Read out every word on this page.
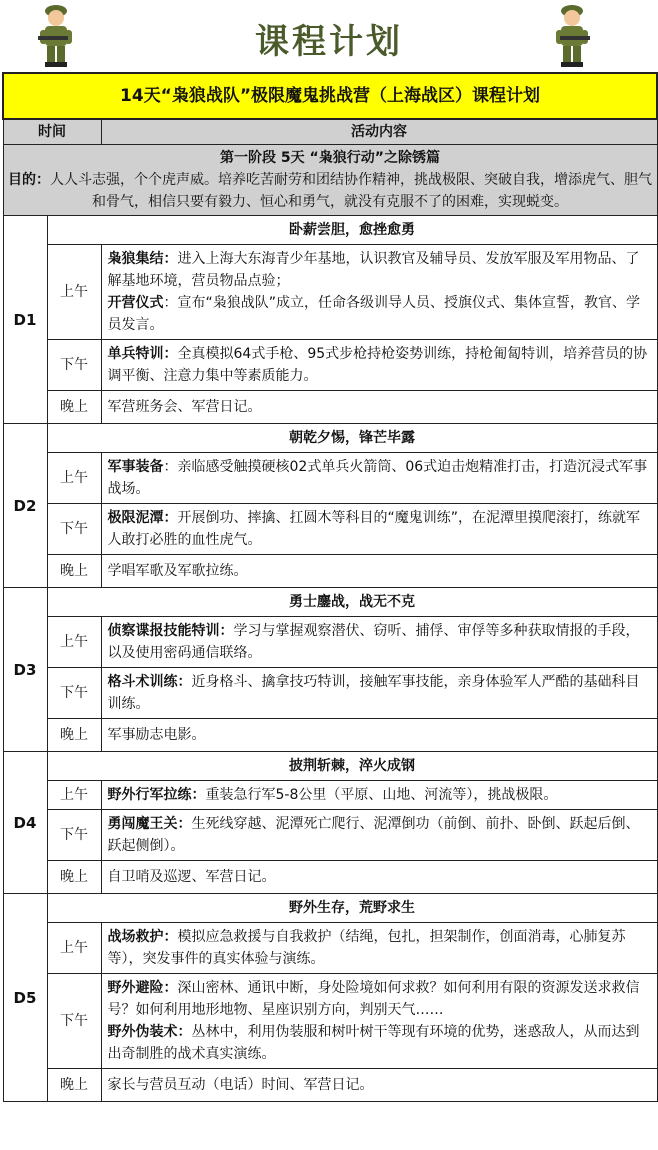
课程计划
14天“枭狼战队”极限魔鬼挑战营（上海战区）课程计划		
时间		活动内容

第一阶段 5天 “枭狼行动”之除锈篇
目的：人人斗志强，个个虎声威。培养吃苦耐劳和团结协作精神，挑战极限、突破自我，增添虎气、胆气和骨气，相信只要有毅力、恒心和勇气，就没有克服不了的困难，实现蜕变。		

D1	卧薪尝胆，愈挫愈勇	
	上午	枭狼集结：进入上海大东海青少年基地，认识教官及辅导员、发放军服及军用物品、了解基地环境，营员物品点验；

开营仪式：宣布“枭狼战队”成立，任命各级训导人员、授旗仪式、集体宣誓，教官、学员发言。

	下午	单兵特训：全真模拟64式手枪、95式步枪持枪姿势训练，持枪匍匐特训，培养营员的协调平衡、注意力集中等素质能力。

	晚上	军营班务会、军营日记。
D2	朝乾夕惕，锋芒毕露	
	上午	军事装备：亲临感受触摸硬核02式单兵火箭筒、06式迫击炮精准打击，打造沉浸式军事战场。

	下午	极限泥潭：开展倒功、摔擒、扛圆木等科目的“魔鬼训练”，在泥潭里摸爬滚打，练就军人敢打必胜的血性虎气。

	晚上	学唱军歌及军歌拉练。
D3	勇士鏖战，战无不克	
	上午	侦察谍报技能特训：学习与掌握观察潜伏、窃听、捕俘、审俘等多种获取情报的手段，以及使用密码通信联络。

	下午	格斗术训练：近身格斗、擒拿技巧特训，接触军事技能，亲身体验军人严酷的基础科目训练。

	晚上	军事励志电影。
D4	披荆斩棘，淬火成钢	
	上午	野外行军拉练：重装急行军5-8公里（平原、山地、河流等），挑战极限。

	下午	勇闯魔王关：生死线穿越、泥潭死亡爬行、泥潭倒功（前倒、前扑、卧倒、跃起后倒、跃起侧倒）。

	晚上	自卫哨及巡逻、军营日记。
D5	野外生存，荒野求生	
	上午	战场救护：模拟应急救援与自我救护（结绳，包扎，担架制作，创面消毒，心肺复苏等），突发事件的真实体验与演练。

	下午	野外避险：深山密林、通讯中断，身处险境如何求救？如何利用有限的资源发送求救信号？如何利用地形地物、星座识别方向，判别天气……

野外伪装术：丛林中，利用伪装服和树叶树干等现有环境的优势，迷惑敌人，从而达到出奇制胜的战术真实演练。

	晚上	家长与营员互动（电话）时间、军营日记。
